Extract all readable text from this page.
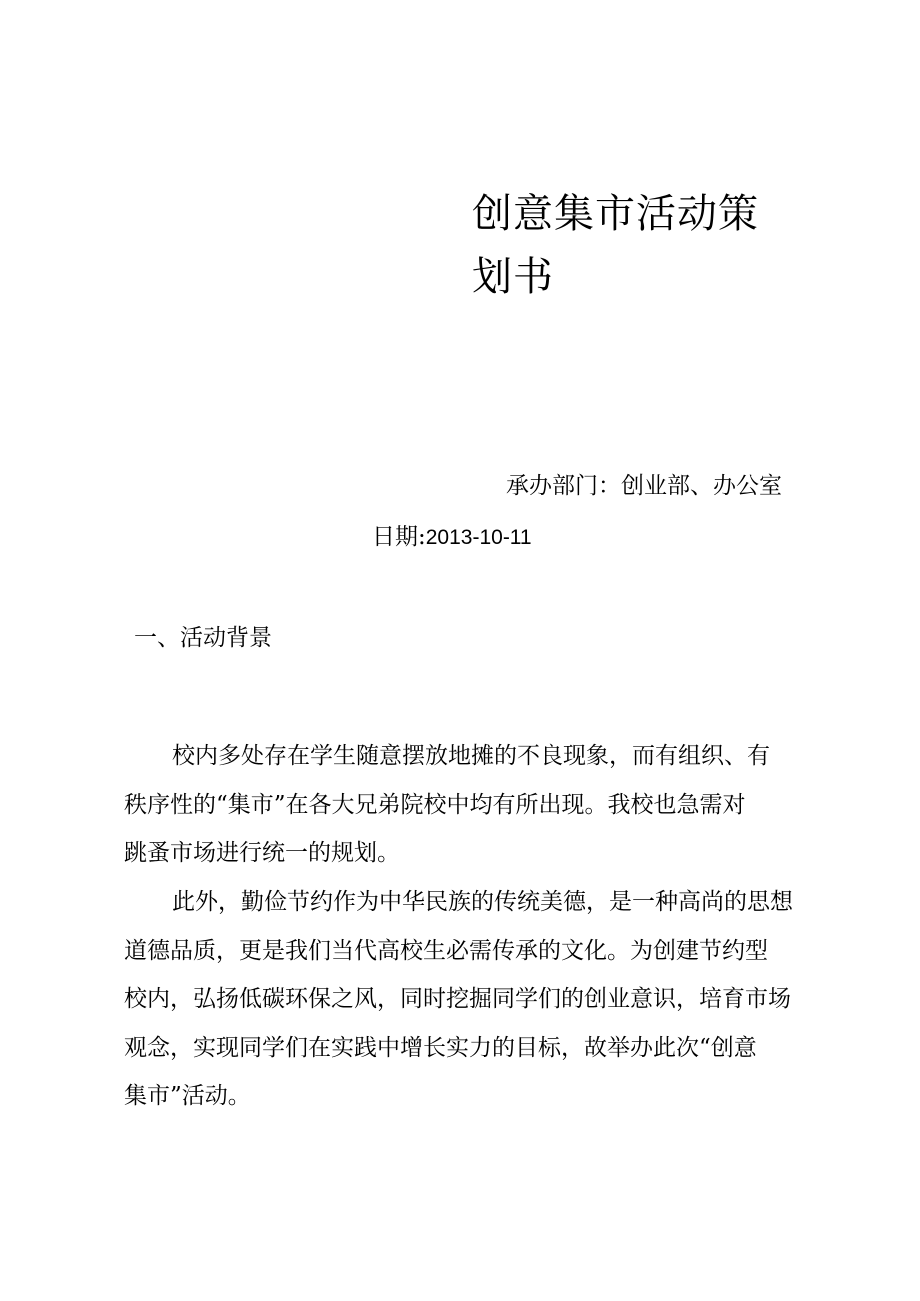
创意集市活动策
划书
承办部门：创业部、办公室
日期:2013-10-11
一、活动背景
校内多处存在学生随意摆放地摊的不良现象，而有组织、有
秩序性的“集市”在各大兄弟院校中均有所出现。我校也急需对
跳蚤市场进行统一的规划。
此外，勤俭节约作为中华民族的传统美德，是一种高尚的思想
道德品质，更是我们当代高校生必需传承的文化。为创建节约型
校内，弘扬低碳环保之风，同时挖掘同学们的创业意识，培育市场
观念，实现同学们在实践中增长实力的目标，故举办此次“创意
集市”活动。
